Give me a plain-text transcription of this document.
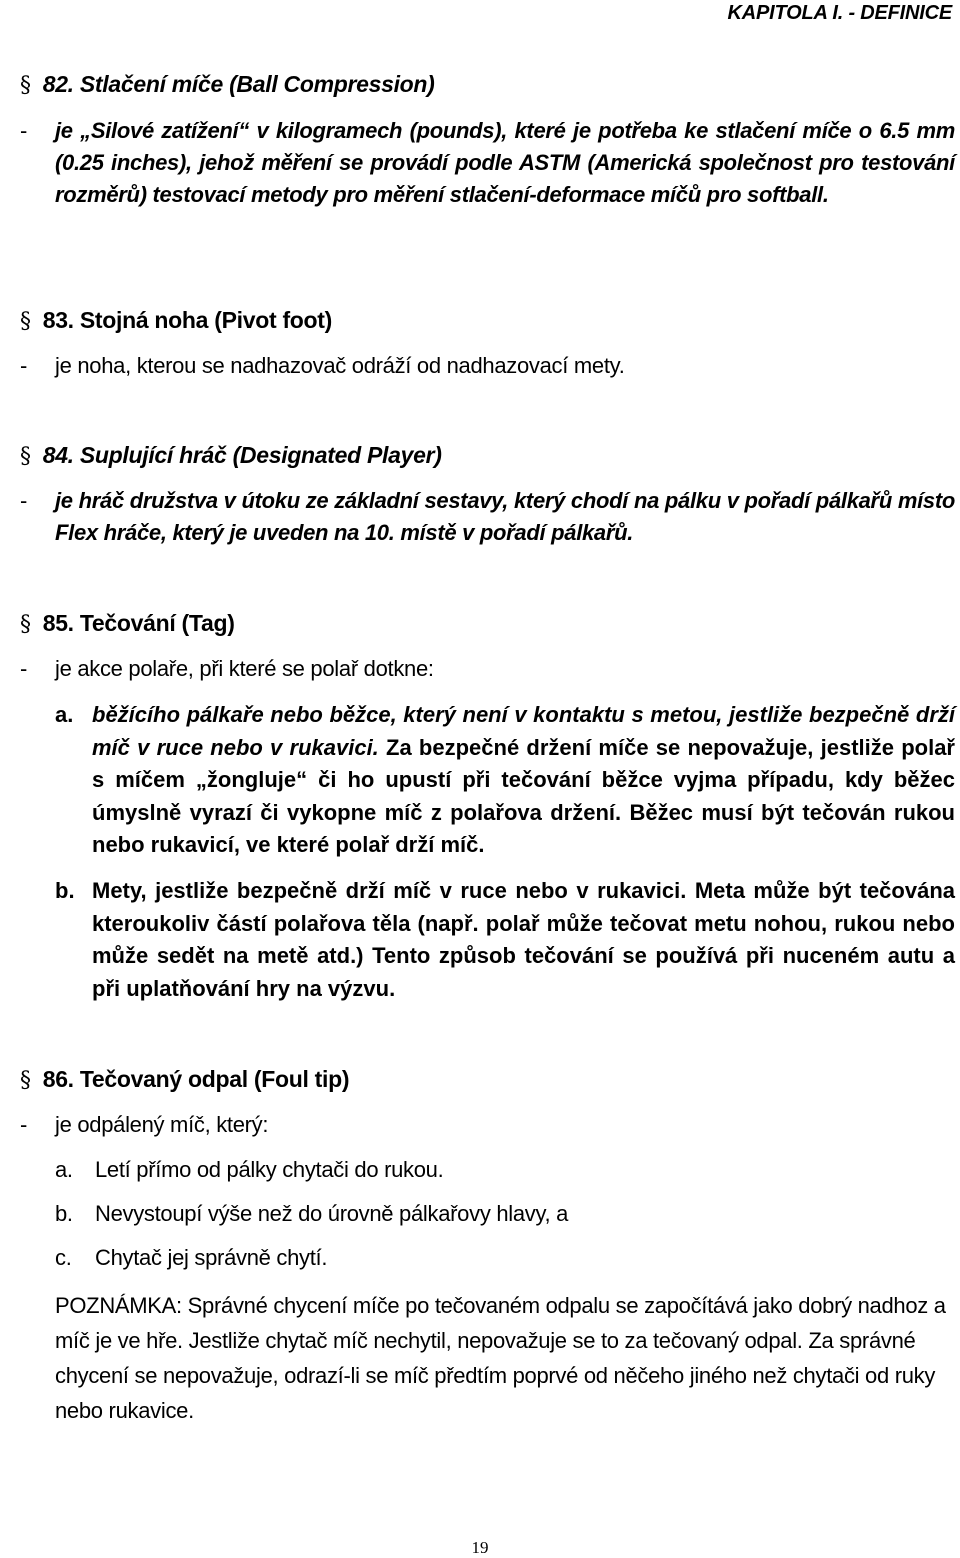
KAPITOLA I. - DEFINICE
§ 82. Stlačení míče (Ball Compression)
- je „Silové zatížení“ v kilogramech (pounds), které je potřeba ke stlačení míče o 6.5 mm (0.25 inches), jehož měření se provádí podle ASTM (Americká společnost pro testování rozměrů) testovací metody pro měření stlačení-deformace míčů pro softball.
§ 83. Stojná noha (Pivot foot)
- je noha, kterou se nadhazovač odráží od nadhazovací mety.
§ 84. Suplující hráč (Designated Player)
- je hráč družstva v útoku ze základní sestavy, který chodí na pálku v pořadí pálkařů místo Flex hráče, který je uveden na 10. místě v pořadí pálkařů.
§ 85. Tečování (Tag)
- je akce polaře, při které se polař dotkne:
a. běžícího pálkaře nebo běžce, který není v kontaktu s metou, jestliže bezpečně drží míč v ruce nebo v rukavici. Za bezpečné držení míče se nepovažuje, jestliže polař s míčem „žongluje“ či ho upustí při tečování běžce vyjma případu, kdy běžec úmyslně vyrazí či vykopne míč z polařova držení. Běžec musí být tečován rukou nebo rukavicí, ve které polař drží míč.
b. Mety, jestliže bezpečně drží míč v ruce nebo v rukavici. Meta může být tečována kteroukoliv částí polařova těla (např. polař může tečovat metu nohou, rukou nebo může sedět na metě atd.) Tento způsob tečování se používá při nuceném autu a při uplatňování hry na výzvu.
§ 86. Tečovaný odpal (Foul tip)
- je odpálený míč, který:
a. Letí přímo od pálky chytači do rukou.
b. Nevystoupí výše než do úrovně pálkařovy hlavy, a
c. Chytač jej správně chytí.
POZNÁMKA: Správné chycení míče po tečovaném odpalu se započítává jako dobrý nadhoz a míč je ve hře. Jestliže chytač míč nechytil, nepovažuje se to za tečovaný odpal. Za správné chycení se nepovažuje, odrazí-li se míč předtím poprvé od něčeho jiného než chytači od ruky nebo rukavice.
19
